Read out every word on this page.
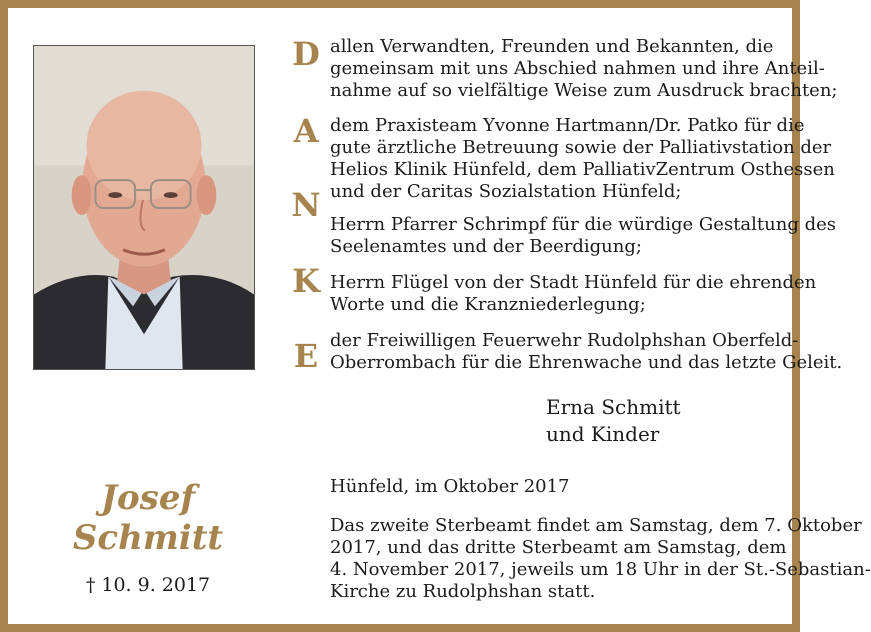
D allen Verwandten, Freunden und Bekannten, die
gemeinsam mit uns Abschied nahmen und ihre Anteil-
nahme auf so vielfältige Weise zum Ausdruck brachten;
A dem Praxisteam Yvonne Hartmann/Dr. Patko für die
gute ärztliche Betreuung sowie der Palliativstation der
Helios Klinik Hünfeld, dem PalliativZentrum Osthessen
und der Caritas Sozialstation Hünfeld;
N
Herrn Pfarrer Schrimpf für die würdige Gestaltung des
Seelenamtes und der Beerdigung;
K Herrn Flügel von der Stadt Hünfeld für die ehrenden
Worte und die Kranzniederlegung;
E der Freiwilligen Feuerwehr Rudolphshan Oberfeld-
Oberrombach für die Ehrenwache und das letzte Geleit.
Erna Schmitt
und Kinder
Hünfeld, im Oktober 2017
Das zweite Sterbeamt findet am Samstag, dem 7. Oktober
2017, und das dritte Sterbeamt am Samstag, dem
4. November 2017, jeweils um 18 Uhr in der St.-Sebastian-
Kirche zu Rudolphshan statt.
Josef
Schmitt
† 10. 9. 2017
